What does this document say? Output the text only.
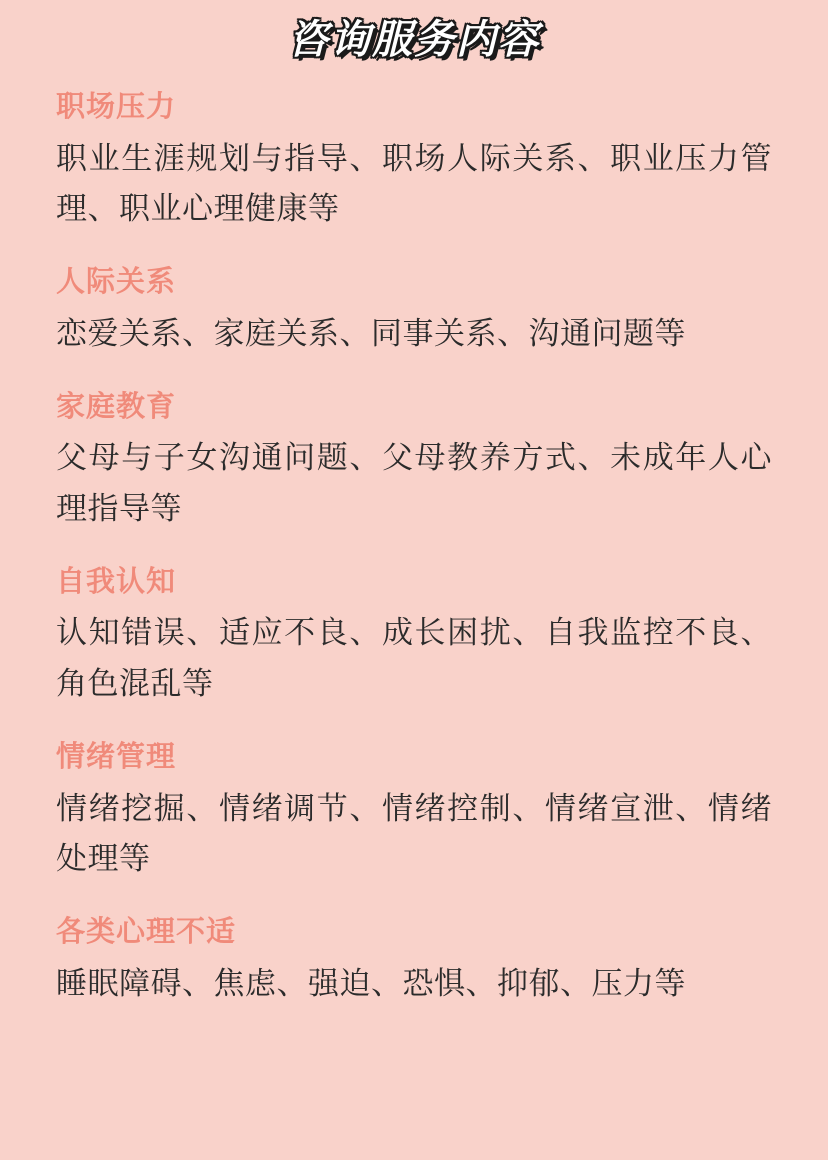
咨询服务内容
职场压力
职业生涯规划与指导、职场人际关系、职业压力管理、职业心理健康等
人际关系
恋爱关系、家庭关系、同事关系、沟通问题等
家庭教育
父母与子女沟通问题、父母教养方式、未成年人心理指导等
自我认知
认知错误、适应不良、成长困扰、自我监控不良、角色混乱等
情绪管理
情绪挖掘、情绪调节、情绪控制、情绪宣泄、情绪处理等
各类心理不适
睡眠障碍、焦虑、强迫、恐惧、抑郁、压力等
